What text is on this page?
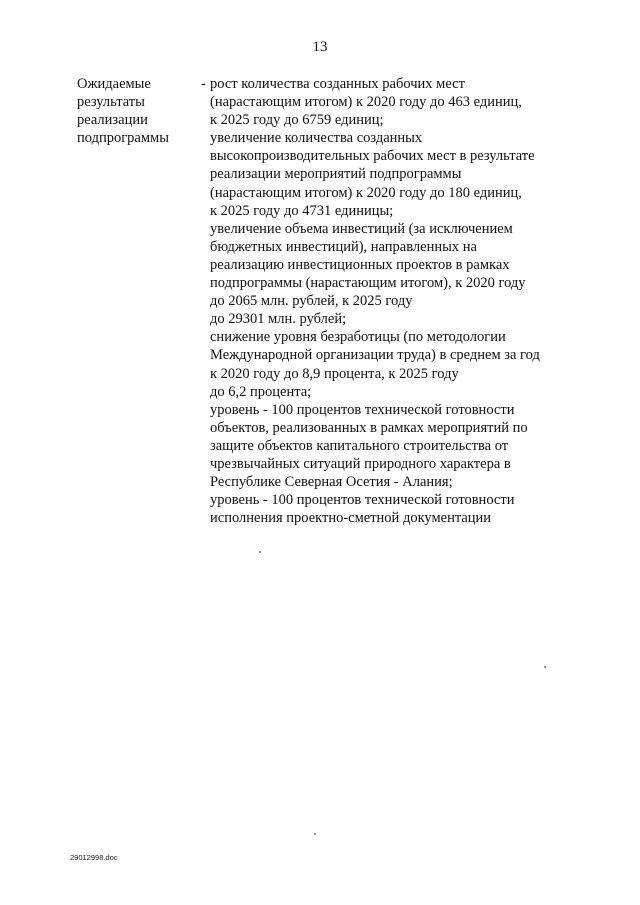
13
Ожидаемые
результаты
реализации
подпрограммы
- рост количества созданных рабочих мест
(нарастающим итогом) к 2020 году до 463 единиц,
к 2025 году до 6759 единиц;
увеличение количества созданных
высокопроизводительных рабочих мест в результате
реализации мероприятий подпрограммы
(нарастающим итогом) к 2020 году до 180 единиц,
к 2025 году до 4731 единицы;
увеличение объема инвестиций (за исключением
бюджетных инвестиций), направленных на
реализацию инвестиционных проектов в рамках
подпрограммы (нарастающим итогом), к 2020 году
до 2065 млн. рублей, к 2025 году
до 29301 млн. рублей;
снижение уровня безработицы (по методологии
Международной организации труда) в среднем за год
к 2020 году до 8,9 процента, к 2025 году
до 6,2 процента;
уровень - 100 процентов технической готовности
объектов, реализованных в рамках мероприятий по
защите объектов капитального строительства от
чрезвычайных ситуаций природного характера в
Республике Северная Осетия - Алания;
уровень - 100 процентов технической готовности
исполнения проектно-сметной документации
29012998.doc
